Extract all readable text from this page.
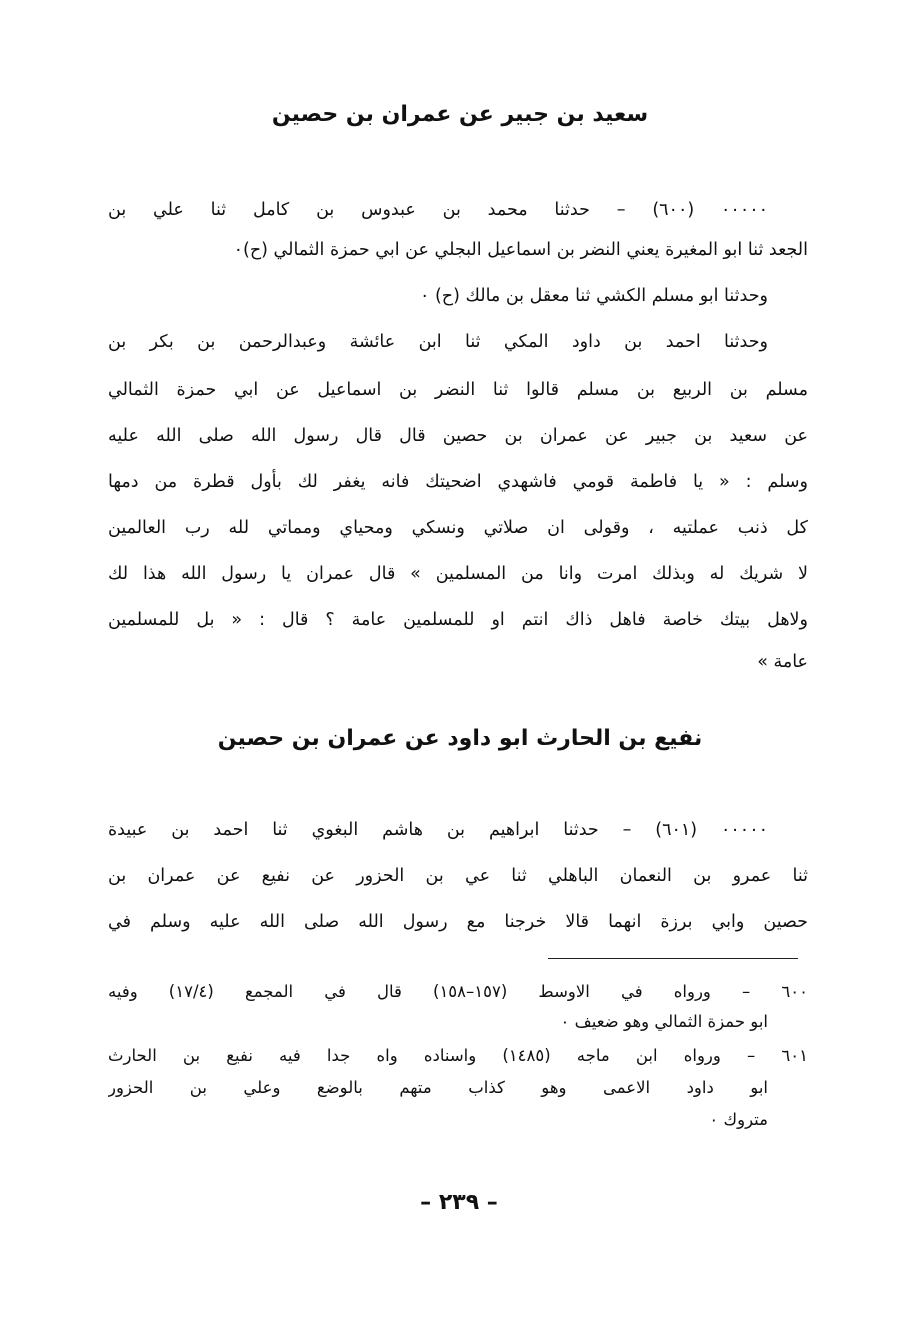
سعيد بن جبير عن عمران بن حصين
٠٠٠٠٠ (٦٠٠) – حدثنا محمد بن عبدوس بن كامل ثنا علي بن
الجعد ثنا ابو المغيرة يعني النضر بن اسماعيل البجلي عن ابي حمزة الثمالي (ح)٠
وحدثنا ابو مسلم الكشي ثنا معقل بن مالك (ح) ٠
وحدثنا احمد بن داود المكي ثنا ابن عائشة وعبدالرحمن بن بكر بن
مسلم بن الربيع بن مسلم قالوا ثنا النضر بن اسماعيل عن ابي حمزة الثمالي
عن سعيد بن جبير عن عمران بن حصين قال قال رسول الله صلى الله عليه
وسلم : « يا فاطمة قومي فاشهدي اضحيتك فانه يغفر لك بأول قطرة من دمها
كل ذنب عملتيه ، وقولى ان صلاتي ونسكي ومحياي ومماتي لله رب العالمين
لا شريك له وبذلك امرت وانا من المسلمين » قال عمران يا رسول الله هذا لك
ولاهل بيتك خاصة فاهل ذاك انتم او للمسلمين عامة ؟ قال : « بل للمسلمين
عامة »
نفيع بن الحارث ابو داود عن عمران بن حصين
٠٠٠٠٠ (٦٠١) – حدثنا ابراهيم بن هاشم البغوي ثنا احمد بن عبيدة
ثنا عمرو بن النعمان الباهلي ثنا عي بن الحزور عن نفيع عن عمران بن
حصين وابي برزة انهما قالا خرجنا مع رسول الله صلى الله عليه وسلم في
٦٠٠ – ورواه في الاوسط (١٥٧–١٥٨) قال في المجمع (١٧/٤) وفيه
ابو حمزة الثمالي وهو ضعيف ٠
٦٠١ – ورواه ابن ماجه (١٤٨٥) واسناده واه جدا فيه نفيع بن الحارث
ابو داود الاعمى وهو كذاب متهم بالوضع وعلي بن الحزور
متروك ٠
– ٢٣٩ –
